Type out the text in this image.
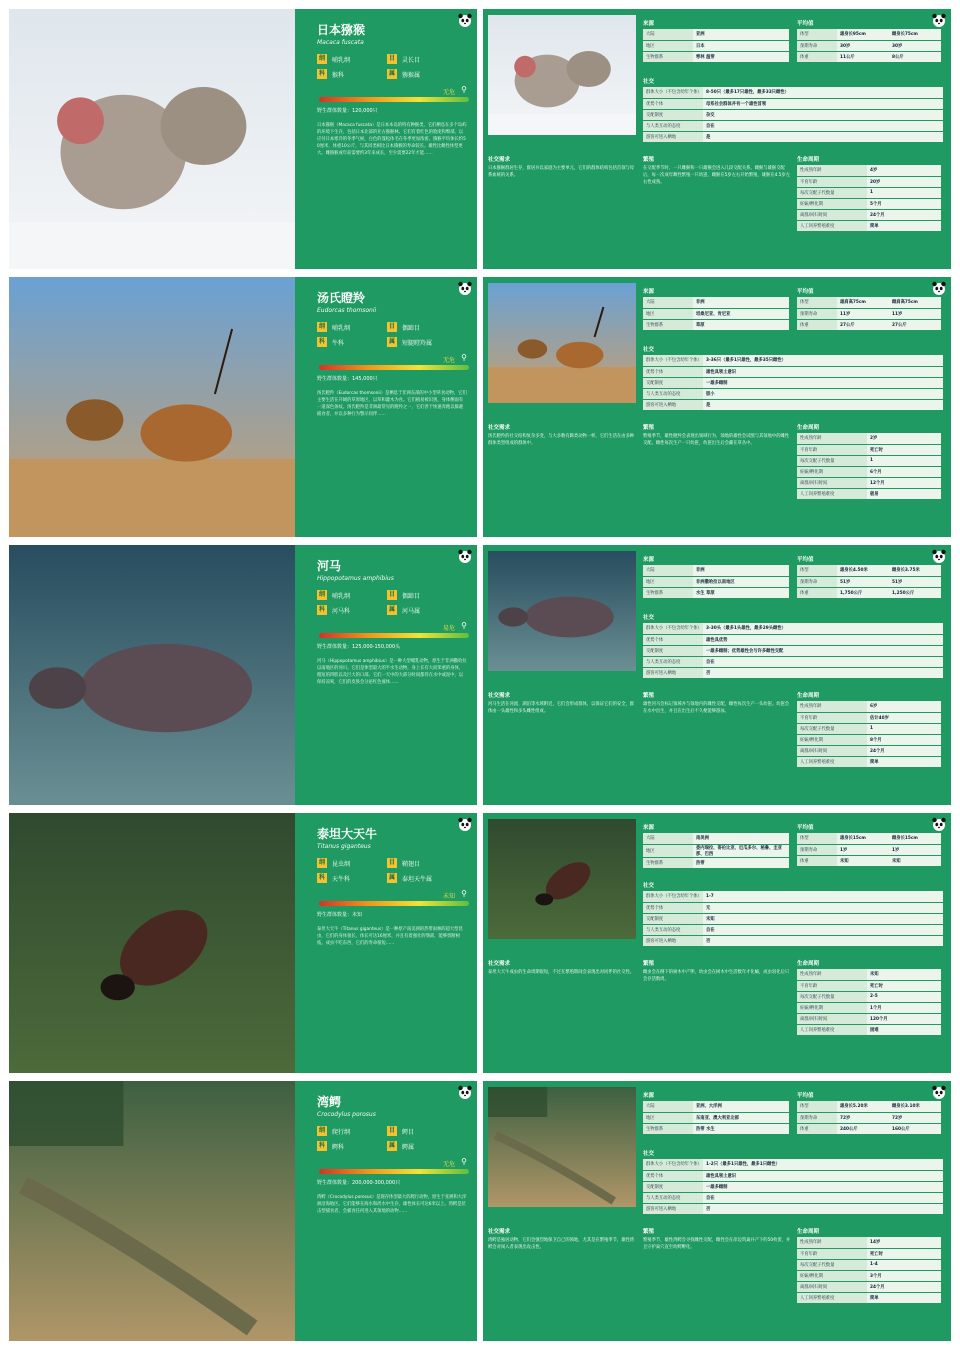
日本猕猴
Macaca fuscata
纲	哺乳纲	目	灵长目
科	猴科	属	猕猴属
无危 ⚲
野生群体数量：120,000只
日本猕猴（Macaca fuscata）是日本本岛的特有种猴类，它们栖息在多个岛屿的环境下生存，包括日本北部的亚古猕猴林。它们有着红色的脸庞和臀部，以应付日本寒冷的冬季气候，白色的蓬松体毛在冬季更加浓密。猕猴平均体长约50厘米，体重10公斤，与其同类相比日本猕猴的寿命较长。雄性比雌性体型更大。雌猕猴成年前需要约3年来成长，至少需要22年才能……
来源
大陆	亚洲
地区	日本
生物群系	寒林 温带
平均值
体型	雄身长95cm	雌身长75cm
预期寿命	30岁	30岁
体重	11公斤	8公斤
社交
群体大小（不包含幼年个体）	8-50只（最多17只雄性，最多33只雌性）
优势个体	母系社会群体并有一个雄性首领
交配制度	杂交
与人类互动的态度	自在
游客可进入栖地	是
社交需求
日本猕猴群居生存，群居并以家庭为主要单元，它们的群体结构包括首领与母系血统的关系。
繁殖
在交配季节时，一只雌猴和一只雄猴会进入几段交配关系。雌猴与雄猴交配后，每一次成年雌性繁殖一只幼崽，雌猴在5岁左右开始繁殖，雄猴在4.5岁左右性成熟。
生命周期
性成熟年龄	4岁
不育年龄	20岁
每次交配子代数量	1
妊娠/孵化期	5个月
离群/回归时间	24个月
人工饲养繁殖难度	简单
汤氏瞪羚
Eudorcas thomsonii
纲	哺乳纲	目	偶蹄目
科	牛科	属	短腿瞪羚属
无危 ⚲
野生群体数量：145,000只
汤氏瞪羚（Eudorcas thomsonii）是栖息于非洲东部的中小型草食动物，它们主要生活在开阔的草原地区，以草和灌木为食。它们极易被识别，身体侧面有一道深色条纹。汤氏瞪羚是非洲最常见的瞪羚之一，它们善于快速奔跑以躲避捕食者，并以多种行为警示同伴……
来源
大陆	非洲
地区	坦桑尼亚、肯尼亚
生物群系	草原
平均值
体型	雄肩高75cm	雌肩高75cm
预期寿命	11岁	11岁
体重	27公斤	27公斤
社交
群体大小（不包含幼年个体）	3-36只（最多1只雄性，最多35只雌性）
优势个体	雄性具领土意识
交配制度	一雄多雌制
与人类互动的态度	胆小
游客可进入栖地	是
社交需求
汤氏瞪羚的社交结构复杂多变，与大多数有蹄类动物一样，它们生活在由多种群体类型组成的群体中。
繁殖
繁殖季节，雄性瞪羚会表现出领域行为，领地的雄性会试图与其领地中的雌性交配。雌性每次生产一只幼崽，幼崽出生后会藏在草丛中。
生命周期
性成熟年龄	2岁
不育年龄	死亡时
每次交配子代数量	1
妊娠/孵化期	6个月
离群/回归时间	12个月
人工饲养繁殖难度	极易
河马
Hippopotamus amphibius
纲	哺乳纲	目	偶蹄目
科	河马科	属	河马属
易危 ⚲
野生群体数量：125,000-150,000头
河马（Hippopotamus amphibius）是一种大型哺乳动物，原生于非洲撒哈拉以南地区的河川。它们是体型最大的半水生动物，身上长有大而笨重的身体，粗短的四肢以及巨大的口部，它们一天中的大部分时间都待在水中或泥中，以保持凉爽，它们的皮肤会分泌红色液体……
来源
大陆	非洲
地区	非洲撒哈拉以南地区
生物群系	水生 草原
平均值
体型	雄身长4.50米	雌身长3.75米
预期寿命	51岁	51岁
体重	1,750公斤	1,250公斤
社交
群体大小（不包含幼年个体）	3-30头（最多1头雄性，最多29头雌性）
优势个体	雄性具优势
交配制度	一雄多雌制；优势雄性会与许多雌性交配
与人类互动的态度	自在
游客可进入栖地	否
社交需求
河马生活在河流、湖泊等水域附近，它们会形成群体，以保证它们的安全，群体由一头雄性和多头雌性组成。
繁殖
雄性河马会标记领域并与领地内的雌性交配，雌性每次生产一头幼崽。幼崽会在水中出生，并且在出生后不久便能够游泳。
生命周期
性成熟年龄	6岁
不育年龄	估计40岁
每次交配子代数量	1
妊娠/孵化期	8个月
离群/回归时间	24个月
人工饲养繁殖难度	简单
泰坦大天牛
Titanus giganteus
纲	昆虫纲	目	鞘翅目
科	天牛科	属	泰坦天牛属
未知 ⚲
野生群体数量：未知
泰坦大天牛（Titanus giganteus）是一种原产南美洲的热带雨林的超大型昆虫，它们的身体很长，体长可达16厘米，并且有着强壮的颚部，能够剪断树枝。成虫不吃东西，它们的寿命很短……
来源
大陆	南美洲
地区	委内瑞拉、哥伦比亚、厄瓜多尔、秘鲁、圭亚那、巴西
生物群系	热带
平均值
体型	雄身长15cm	雌身长15cm
预期寿命	1岁	1岁
体重	未知	未知
社交
群体大小（不包含幼年个体）	1-7
优势个体	无
交配制度	未知
与人类互动的态度	自在
游客可进入栖地	否
社交需求
泰坦大天牛成虫的生命周期很短，不过在繁殖期间会表现出对同伴的社交性。
繁殖
雌虫会在倒下的树木中产卵，幼虫会在树木中生活数年才化蛹，成虫羽化后只会存活数周。
生命周期
性成熟年龄	未知
不育年龄	死亡时
每次交配子代数量	2-5
妊娠/孵化期	1个月
离群/回归时间	120个月
人工饲养繁殖难度	困难
湾鳄
Crocodylus porosus
纲	爬行纲	目	鳄目
科	鳄科	属	鳄属
无危 ⚲
野生群体数量：200,000-300,000只
湾鳄（Crocodylus porosus）是现存体型最大的爬行动物，原生于亚洲和大洋洲沿海地区。它们能够在海水和淡水中生存，雄性体长可达6米以上。湾鳄是伏击型捕食者，会捕食任何进入其领地的动物……
来源
大陆	亚洲、大洋洲
地区	东南亚、澳大利亚北部
生物群系	热带 水生
平均值
体型	雄身长5.20米	雌身长3.10米
预期寿命	72岁	72岁
体重	240公斤	160公斤
社交
群体大小（不包含幼年个体）	1-2只（最多1只雄性，最多1只雌性）
优势个体	雄性具领土意识
交配制度	一雄多雌制
与人类互动的态度	自在
游客可进入栖地	否
社交需求
湾鳄是独居动物，它们会强烈地保卫自己的领地，尤其是在繁殖季节，雄性湾鳄会对闯入者表现出攻击性。
繁殖
繁殖季节，雄性湾鳄会寻找雌性交配，雌性会在岸边筑巢并产下约50枚蛋，并且守护巢穴直至幼鳄孵化。
生命周期
性成熟年龄	14岁
不育年龄	死亡时
每次交配子代数量	1-4
妊娠/孵化期	3个月
离群/回归时间	24个月
人工饲养繁殖难度	简单
